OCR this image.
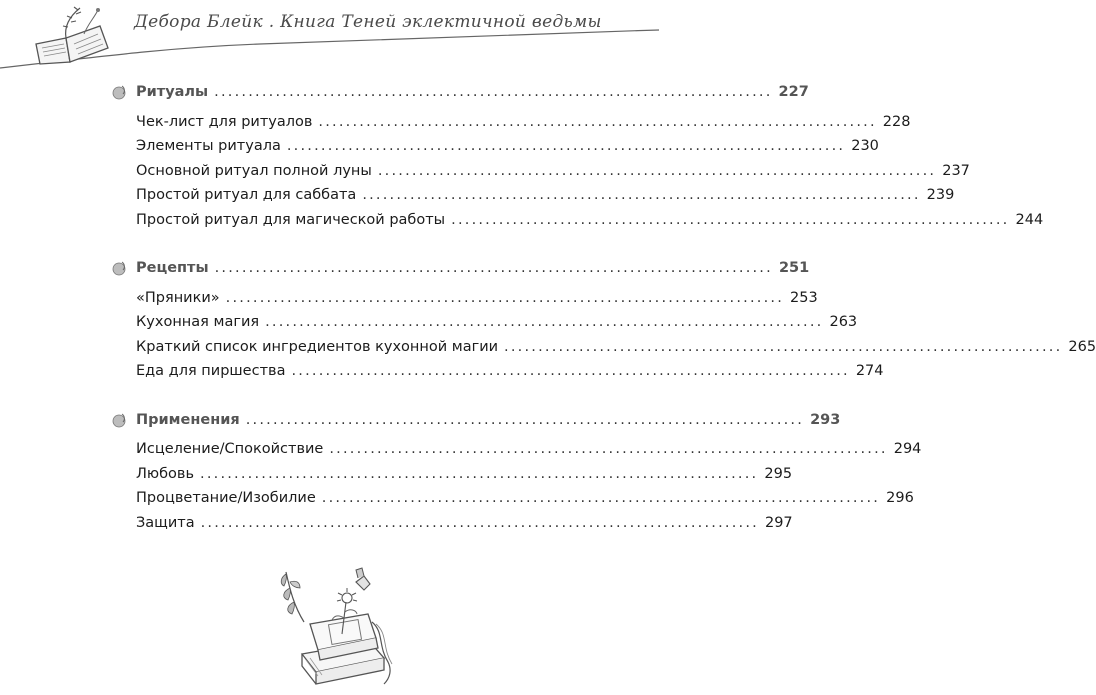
Дебора Блейк . Книга Теней эклектичной ведьмы
Ритуалы .................................................................................. 227
Чек-лист для ритуалов .................................................................................. 228
Элементы ритуала .................................................................................. 230
Основной ритуал полной луны .................................................................................. 237
Простой ритуал для саббата .................................................................................. 239
Простой ритуал для магической работы .................................................................................. 244
Рецепты .................................................................................. 251
«Пряники» .................................................................................. 253
Кухонная магия .................................................................................. 263
Краткий список ингредиентов кухонной магии .................................................................................. 265
Еда для пиршества .................................................................................. 274
Применения .................................................................................. 293
Исцеление/Спокойствие .................................................................................. 294
Любовь .................................................................................. 295
Процветание/Изобилие .................................................................................. 296
Защита .................................................................................. 297
